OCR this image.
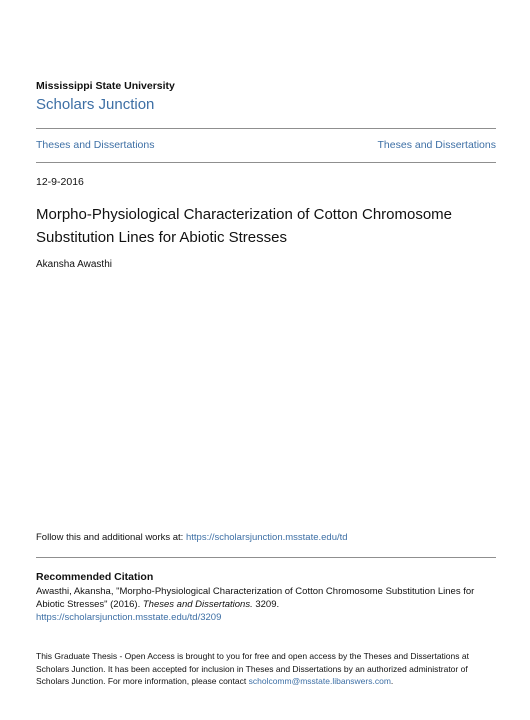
Mississippi State University
Scholars Junction
Theses and Dissertations	Theses and Dissertations
12-9-2016
Morpho-Physiological Characterization of Cotton Chromosome Substitution Lines for Abiotic Stresses
Akansha Awasthi
Follow this and additional works at: https://scholarsjunction.msstate.edu/td
Recommended Citation
Awasthi, Akansha, "Morpho-Physiological Characterization of Cotton Chromosome Substitution Lines for Abiotic Stresses" (2016). Theses and Dissertations. 3209.
https://scholarsjunction.msstate.edu/td/3209
This Graduate Thesis - Open Access is brought to you for free and open access by the Theses and Dissertations at Scholars Junction. It has been accepted for inclusion in Theses and Dissertations by an authorized administrator of Scholars Junction. For more information, please contact scholcomm@msstate.libanswers.com.
